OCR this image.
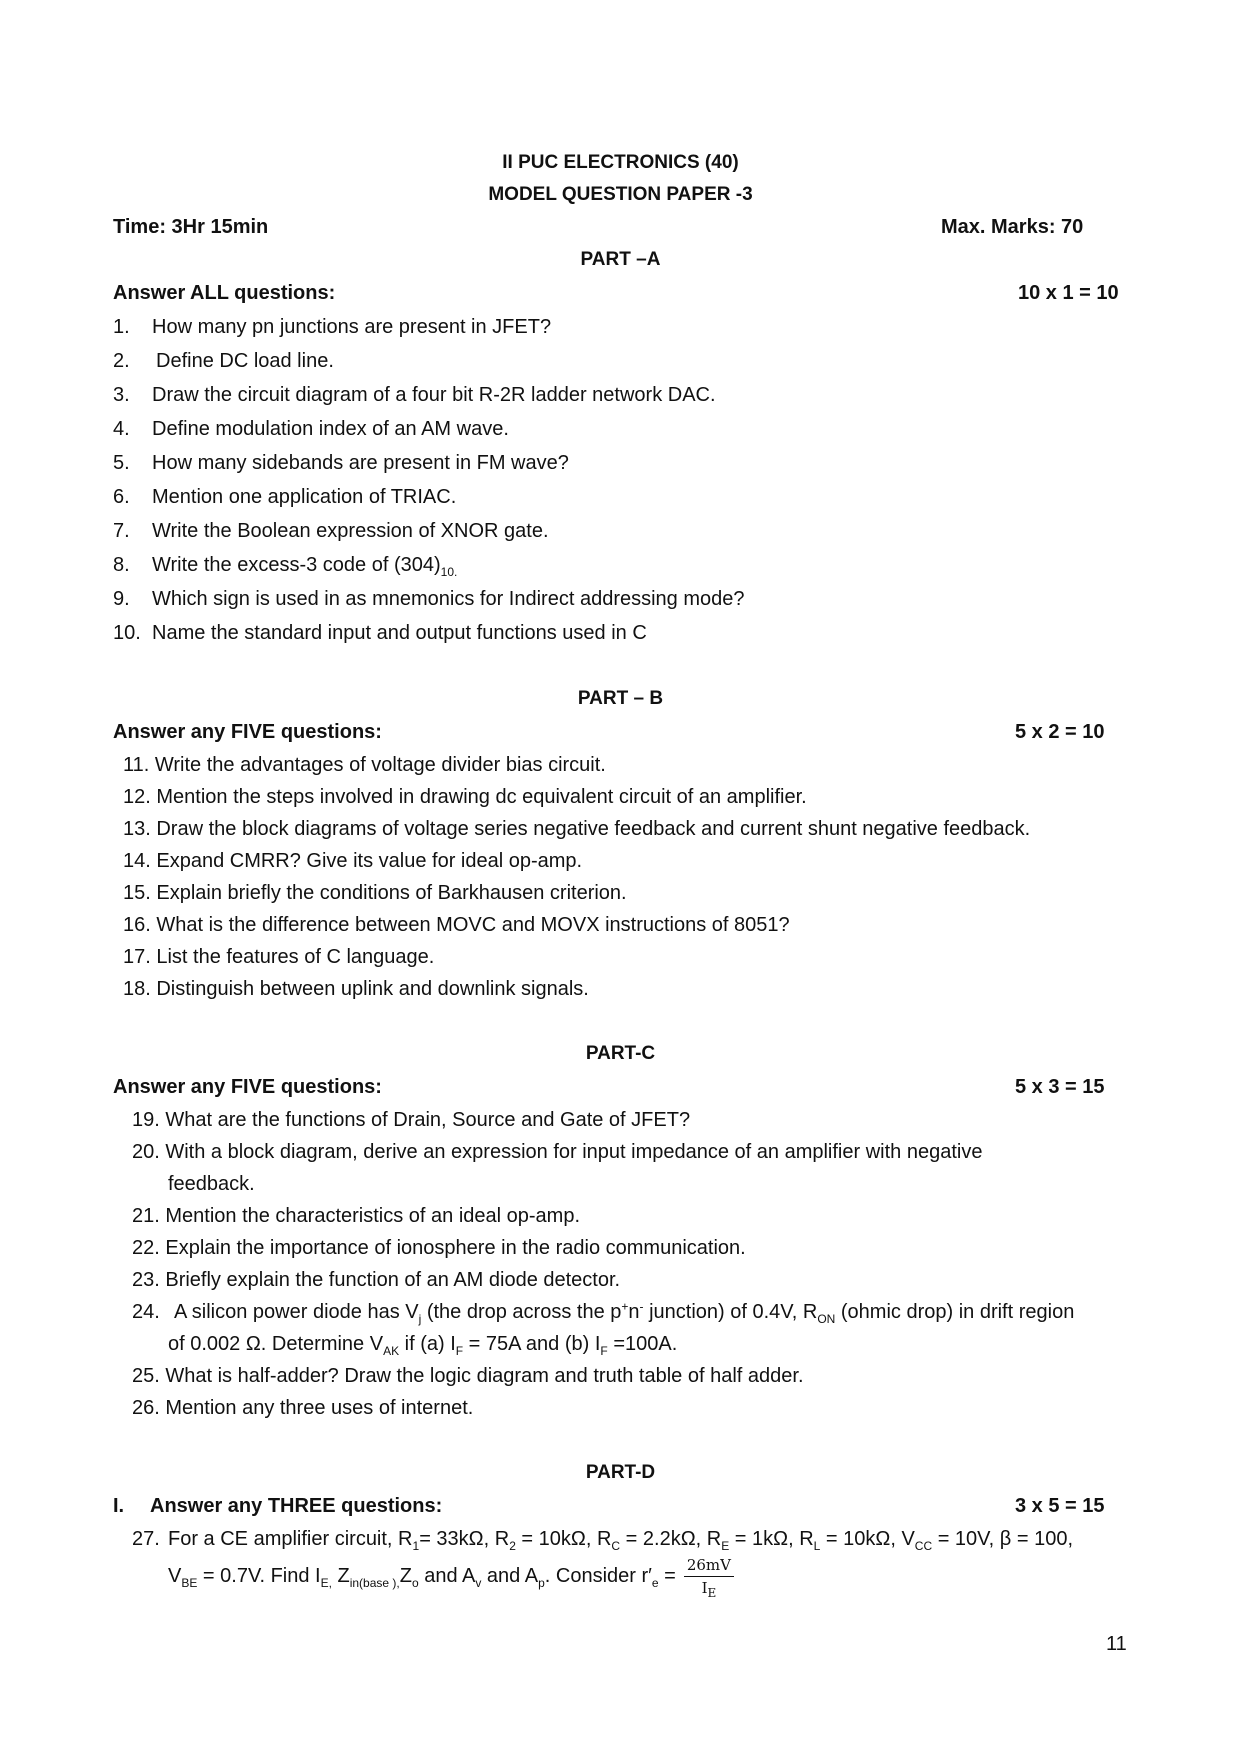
II PUC ELECTRONICS (40)
MODEL QUESTION PAPER -3
Time: 3Hr 15min	Max. Marks: 70
PART –A
Answer ALL questions:	10 x 1 = 10
1. How many pn junctions are present in JFET?
2. Define DC load line.
3. Draw the circuit diagram of a four bit R-2R ladder network DAC.
4. Define modulation index of an AM wave.
5. How many sidebands are present in FM wave?
6. Mention one application of TRIAC.
7. Write the Boolean expression of XNOR gate.
8. Write the excess-3 code of $(304)_{10.}$
9. Which sign is used in as mnemonics for Indirect addressing mode?
10. Name the standard input and output functions used in C
PART – B
Answer any FIVE questions:	5 x 2 = 10
11. Write the advantages of voltage divider bias circuit.
12. Mention the steps involved in drawing dc equivalent circuit of an amplifier.
13. Draw the block diagrams of voltage series negative feedback and current shunt negative feedback.
14. Expand CMRR? Give its value for ideal op-amp.
15. Explain briefly the conditions of Barkhausen criterion.
16. What is the difference between MOVC and MOVX instructions of 8051?
17. List the features of C language.
18. Distinguish between uplink and downlink signals.
PART-C
Answer any FIVE questions:	5 x 3 = 15
19. What are the functions of Drain, Source and Gate of JFET?
20. With a block diagram, derive an expression for input impedance of an amplifier with negative
feedback.
21. Mention the characteristics of an ideal op-amp.
22. Explain the importance of ionosphere in the radio communication.
23. Briefly explain the function of an AM diode detector.
24. A silicon power diode has $V_j$ (the drop across the p+n- junction) of 0.4V, $R_{ON}$ (ohmic drop) in drift region
of 0.002 Ω. Determine $V_{AK}$ if (a) $I_F = 75A$ and (b) $I_F =100A$.
25. What is half-adder? Draw the logic diagram and truth table of half adder.
26. Mention any three uses of internet.
PART-D
I. Answer any THREE questions:	3 x 5 = 15
27. For a CE amplifier circuit, $R_1= 33k\Omega$, $R_2 = 10k\Omega$, $R_C = 2.2k\Omega$, $R_E = 1k\Omega$, $R_L = 10k\Omega$, $V_{CC} = 10V$, β = 100,
$V_{BE} = 0.7V$. Find $I_{E,}$ $Z_{in(base ),}Z_o$ and $A_v$ and $A_p$. Consider $r'_e = \frac{26mV}{I_E}$
11
